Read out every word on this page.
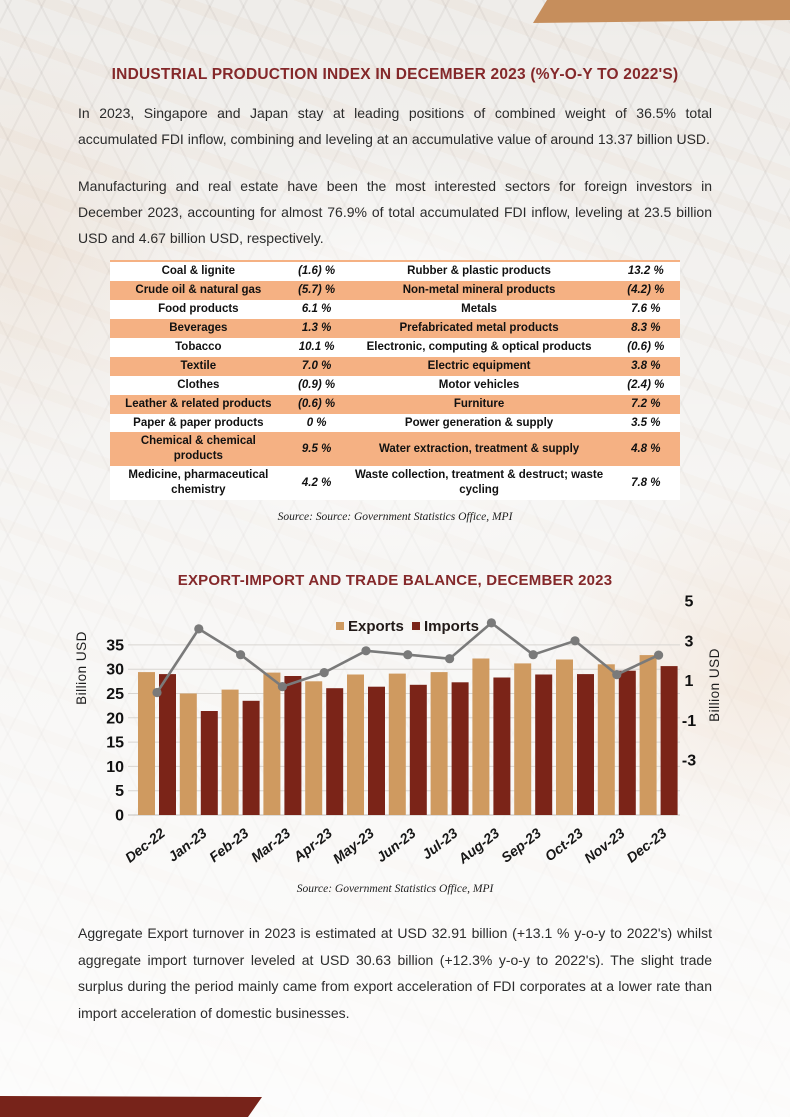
INDUSTRIAL PRODUCTION INDEX IN DECEMBER 2023 (%Y-O-Y TO 2022'S)

In 2023, Singapore and Japan stay at leading positions of combined weight of 36.5% total accumulated FDI inflow, combining and leveling at an accumulative value of around 13.37 billion USD.

Manufacturing and real estate have been the most interested sectors for foreign investors in December 2023, accounting for almost 76.9% of total accumulated FDI inflow, leveling at 23.5 billion USD and 4.67 billion USD, respectively.

Coal & lignite	(1.6) %	Rubber & plastic products	13.2 %
Crude oil & natural gas	(5.7) %	Non-metal mineral products	(4.2) %
Food products	6.1 %	Metals	7.6 %
Beverages	1.3 %	Prefabricated metal products	8.3 %
Tobacco	10.1 %	Electronic, computing & optical products	(0.6) %
Textile	7.0 %	Electric equipment	3.8 %
Clothes	(0.9) %	Motor vehicles	(2.4) %
Leather & related products	(0.6) %	Furniture	7.2 %
Paper & paper products	0 %	Power generation & supply	3.5 %
Chemical & chemical products	9.5 %	Water extraction, treatment & supply	4.8 %
Medicine, pharmaceutical chemistry	4.2 %	Waste collection, treatment & destruct; waste cycling	7.8 %
Source: Source: Government Statistics Office, MPI
EXPORT-IMPORT AND TRADE BALANCE, DECEMBER 2023
0
5
10
15
20
25
30
35
Billion USD
5
3
1
-1
-3
Billion USD
Exports Imports
Dec-22
Jan-23
Feb-23
Mar-23
Apr-23
May-23
Jun-23 Jul-23
Aug-23
Sep-23
Oct-23
Nov-23
Dec-23
Source: Government Statistics Office, MPI

Aggregate Export turnover in 2023 is estimated at USD 32.91 billion (+13.1 % y-o-y to 2022's) whilst aggregate import turnover leveled at USD 30.63 billion (+12.3% y-o-y to 2022's). The slight trade surplus during the period mainly came from export acceleration of FDI corporates at a lower rate than import acceleration of domestic businesses.
